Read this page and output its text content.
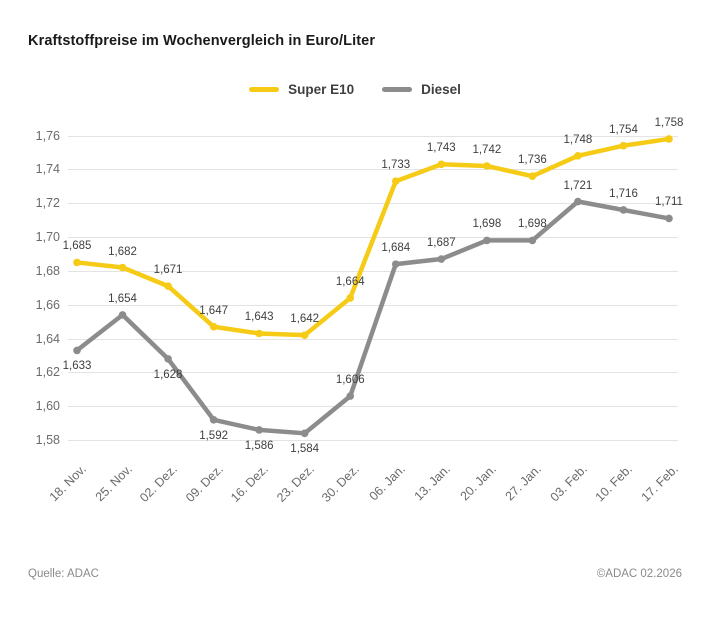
Kraftstoffpreise im Wochenvergleich in Euro/Liter
Super E10	Diesel
1,58
1,60
1,62
1,64
1,66
1,68
1,70
1,72
1,74
1,76
1,685 1,682
1,671
1,647
1,643 1,642
1,664
1,733
1,743 1,742
1,736
1,748
1,754
1,758
1,633
1,654
1,628
1,592
1,586 1,584
1,606
1,684 1,687
1,698 1,698
1,721
1,716
1,711
18. Nov. 25. Nov. 02. Dez. 09. Dez. 16. Dez. 23. Dez. 30. Dez. 06. Jan. 13. Jan. 20. Jan. 27. Jan. 03. Feb. 10. Feb. 17. Feb.
Quelle: ADAC	©ADAC 02.2026
